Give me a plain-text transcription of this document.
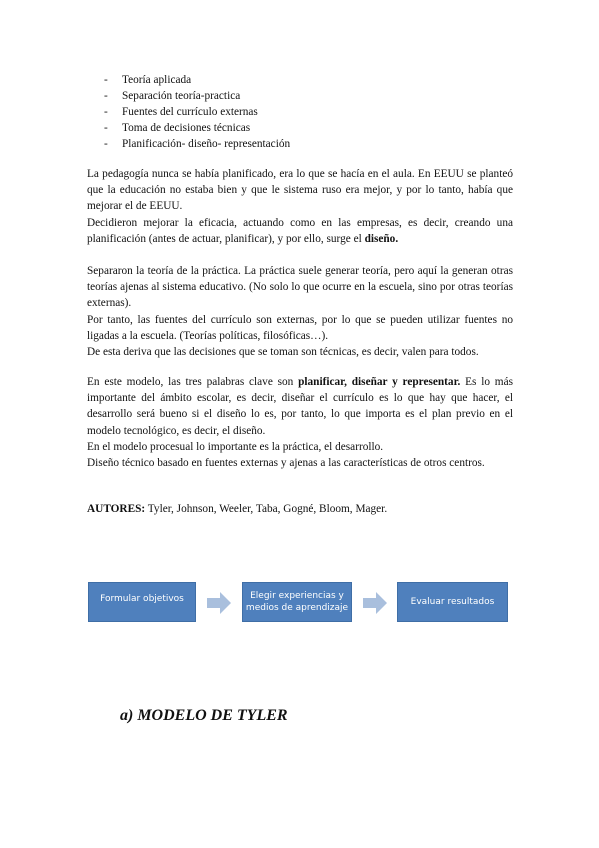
-	Teoría aplicada
-	Separación teoría-practica
-	Fuentes del currículo externas
-	Toma de decisiones técnicas
-	Planificación- diseño- representación

La pedagogía nunca se había planificado, era lo que se hacía en el aula. En EEUU se planteó que la educación no estaba bien y que le sistema ruso era mejor, y por lo tanto, había que mejorar el de EEUU.

Decidieron mejorar la eficacia, actuando como en las empresas, es decir, creando una planificación (antes de actuar, planificar), y por ello, surge el diseño.

Separaron la teoría de la práctica. La práctica suele generar teoría, pero aquí la generan otras teorías ajenas al sistema educativo. (No solo lo que ocurre en la escuela, sino por otras teorías externas).

Por tanto, las fuentes del currículo son externas, por lo que se pueden utilizar fuentes no ligadas a la escuela. (Teorías políticas, filosóficas…).

De esta deriva que las decisiones que se toman son técnicas, es decir, valen para todos.

En este modelo, las tres palabras clave son planificar, diseñar y representar. Es lo más importante del ámbito escolar, es decir, diseñar el currículo es lo que hay que hacer, el desarrollo será bueno si el diseño lo es, por tanto, lo que importa es el plan previo en el modelo tecnológico, es decir, el diseño.

En el modelo procesual lo importante es la práctica, el desarrollo.

Diseño técnico basado en fuentes externas y ajenas a las características de otros centros.

AUTORES: Tyler, Johnson, Weeler, Taba, Gogné, Bloom, Mager.
Formular objetivos	Elegir experiencias y
medios de aprendizaje
Evaluar resultados
a) MODELO DE TYLER
